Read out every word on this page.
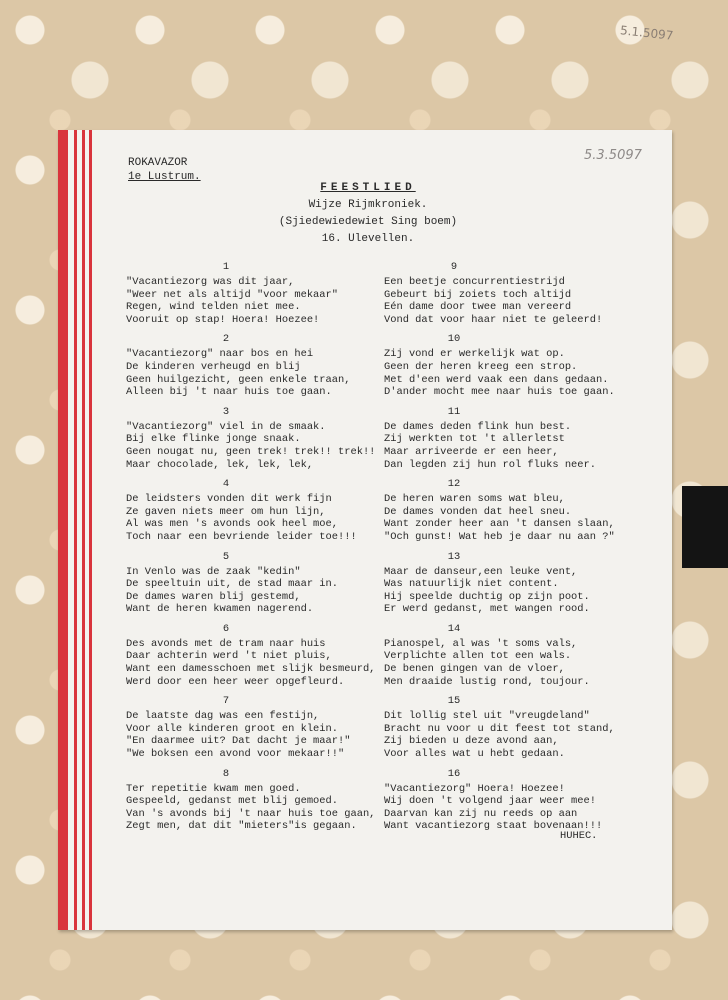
5.1.5097
5.3.5097
ROKAVAZOR
1e Lustrum.
FEESTLIED
Wijze Rijmkroniek.
(Sjiedewiedewiet Sing boem)
16. Ulevellen.
1
"Vacantiezorg was dit jaar,
"Weer net als altijd "voor mekaar"
Regen, wind telden niet mee.
Vooruit op stap! Hoera! Hoezee!
2
"Vacantiezorg" naar bos en hei
De kinderen verheugd en blij
Geen huilgezicht, geen enkele traan,
Alleen bij 't naar huis toe gaan.
3
"Vacantiezorg" viel in de smaak.
Bij elke flinke jonge snaak.
Geen nougat nu, geen trek! trek!! trek!!
Maar chocolade, lek, lek, lek,
4
De leidsters vonden dit werk fijn
Ze gaven niets meer om hun lijn,
Al was men 's avonds ook heel moe,
Toch naar een bevriende leider toe!!!
5
In Venlo was de zaak "kedin"
De speeltuin uit, de stad maar in.
De dames waren blij gestemd,
Want de heren kwamen nagerend.
6
Des avonds met de tram naar huis
Daar achterin werd 't niet pluis,
Want een damesschoen met slijk besmeurd,
Werd door een heer weer opgefleurd.
7
De laatste dag was een festijn,
Voor alle kinderen groot en klein.
"En daarmee uit? Dat dacht je maar!"
"We boksen een avond voor mekaar!!"
8
Ter repetitie kwam men goed.
Gespeeld, gedanst met blij gemoed.
Van 's avonds bij 't naar huis toe gaan,
Zegt men, dat dit "mieters"is gegaan.
9
Een beetje concurrentiestrijd
Gebeurt bij zoiets toch altijd
Eén dame door twee man vereerd
Vond dat voor haar niet te geleerd!
10
Zij vond er werkelijk wat op.
Geen der heren kreeg een strop.
Met d'een werd vaak een dans gedaan.
D'ander mocht mee naar huis toe gaan.
11
De dames deden flink hun best.
Zij werkten tot 't allerletst
Maar arriveerde er een heer,
Dan legden zij hun rol fluks neer.
12
De heren waren soms wat bleu,
De dames vonden dat heel sneu.
Want zonder heer aan 't dansen slaan,
"Och gunst! Wat heb je daar nu aan ?"
13
Maar de danseur,een leuke vent,
Was natuurlijk niet content.
Hij speelde duchtig op zijn poot.
Er werd gedanst, met wangen rood.
14
Pianospel, al was 't soms vals,
Verplichte allen tot een wals.
De benen gingen van de vloer,
Men draaide lustig rond, toujour.
15
Dit lollig stel uit "vreugdeland"
Bracht nu voor u dit feest tot stand,
Zij bieden u deze avond aan,
Voor alles wat u hebt gedaan.
16
"Vacantiezorg" Hoera! Hoezee!
Wij doen 't volgend jaar weer mee!
Daarvan kan zij nu reeds op aan
Want vacantiezorg staat bovenaan!!!
HUHEC.
